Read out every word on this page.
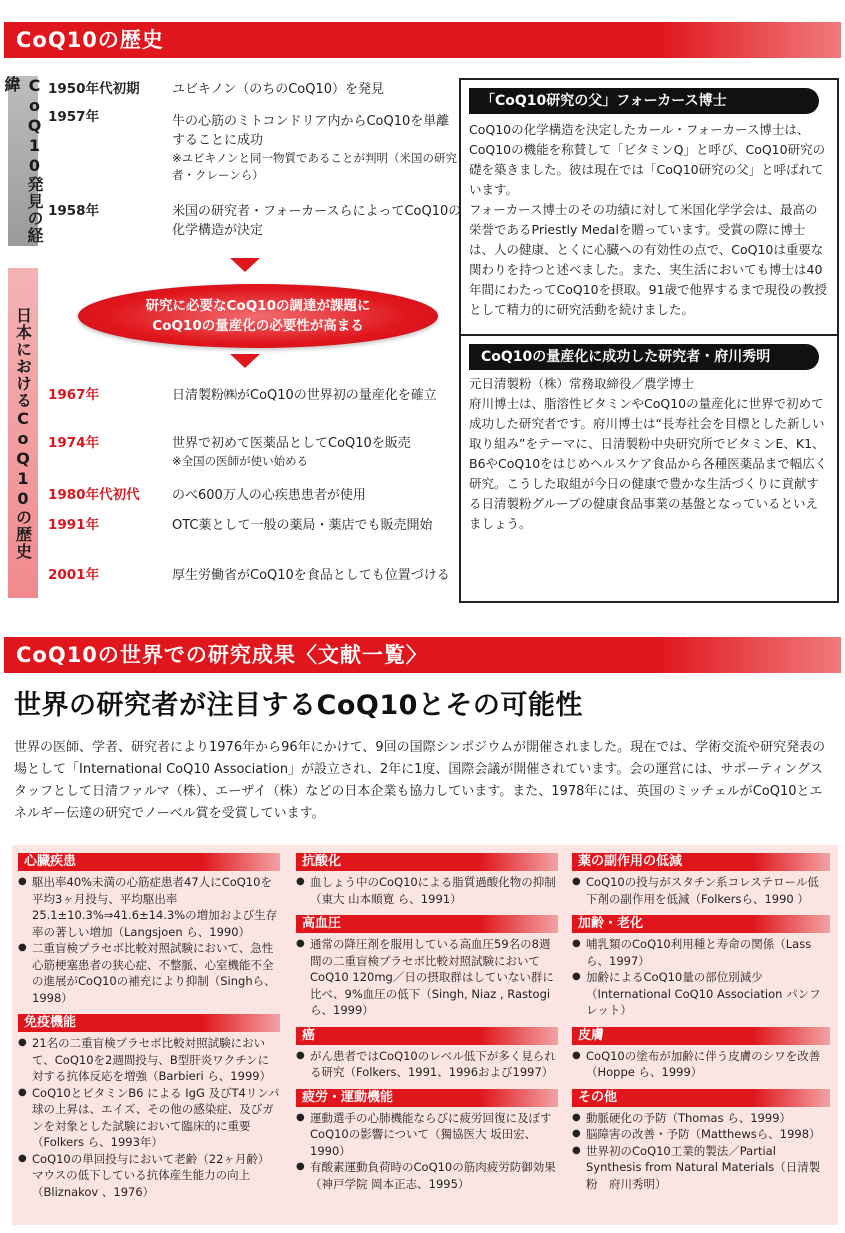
CoQ10の歴史
CoQ10発見の経緯
日本におけるCoQ10の歴史
1950年代初期 ユビキノン（のちのCoQ10）を発見
1957年	牛の心筋のミトコンドリア内からCoQ10を単離することに成功
※ユビキノンと同一物質であることが判明（米国の研究者・クレーンら）
1958年	米国の研究者・フォーカースらによってCoQ10の化学構造が決定
研究に必要なCoQ10の調達が課題に
CoQ10の量産化の必要性が高まる
1967年	日清製粉㈱がCoQ10の世界初の量産化を確立
1974年	世界で初めて医薬品としてCoQ10を販売
※全国の医師が使い始める
1980年代初代 のべ600万人の心疾患患者が使用
1991年	OTC薬として一般の薬局・薬店でも販売開始
2001年	厚生労働省がCoQ10を食品としても位置づける
「CoQ10研究の父」フォーカース博士

CoQ10の化学構造を決定したカール・フォーカース博士は、CoQ10の機能を称賛して「ビタミンQ」と呼び、CoQ10研究の礎を築きました。彼は現在では「CoQ10研究の父」と呼ばれています。

フォーカース博士のその功績に対して米国化学学会は、最高の栄誉であるPriestly Medalを贈っています。受賞の際に博士は、人の健康、とくに心臓への有効性の点で、CoQ10は重要な関わりを持つと述べました。また、実生活においても博士は40年間にわたってCoQ10を摂取。91歳で他界するまで現役の教授として精力的に研究活動を続けました。

CoQ10の量産化に成功した研究者・府川秀明

元日清製粉（株）常務取締役／農学博士

府川博士は、脂溶性ビタミンやCoQ10の量産化に世界で初めて成功した研究者です。府川博士は“長寿社会を目標とした新しい取り組み”をテーマに、日清製粉中央研究所でビタミンE、K1、B6やCoQ10をはじめヘルスケア食品から各種医薬品まで幅広く研究。こうした取組が今日の健康で豊かな生活づくりに貢献する日清製粉グループの健康食品事業の基盤となっているといえましょう。

CoQ10の世界での研究成果〈文献一覧〉
世界の研究者が注目するCoQ10とその可能性

世界の医師、学者、研究者により1976年から96年にかけて、9回の国際シンポジウムが開催されました。現在では、学術交流や研究発表の場として「International CoQ10 Association」が設立され、2年に1度、国際会議が開催されています。会の運営には、サポーティングスタッフとして日清ファルマ（株）、エーザイ（株）などの日本企業も協力しています。また、1978年には、英国のミッチェルがCoQ10とエネルギー伝達の研究でノーベル賞を受賞しています。

心臓疾患
● 駆出率40%未満の心筋症患者47人にCoQ10を平均3ヶ月投与、平均駆出率25.1±10.3%⇒41.6±14.3%の増加および生存率の著しい増加（Langsjoen ら、1990）
● 二重盲検プラセボ比較対照試験において、急性心筋梗塞患者の狭心症、不整脈、心室機能不全の進展がCoQ10の補充により抑制（Singhら、1998）
免疫機能
● 21名の二重盲検プラセボ比較対照試験において、CoQ10を2週間投与、B型肝炎ワクチンに対する抗体反応を増強（Barbieri ら、1999）
● CoQ10とビタミンB6 による IgG 及びT4リンパ球の上昇は、エイズ、その他の感染症、及びガンを対象とした試験において臨床的に重要（Folkers ら、1993年）
● CoQ10の単回投与において老齢（22ヶ月齢）マウスの低下している抗体産生能力の向上（Bliznakov 、1976）
抗酸化
● 血しょう中のCoQ10による脂質過酸化物の抑制（東大 山本順寛 ら、1991）
高血圧
● 通常の降圧剤を服用している高血圧59名の8週間の二重盲検プラセボ比較対照試験においてCoQ10 120mg／日の摂取群はしていない群に比べ、9%血圧の低下（Singh, Niaz , Rastogi ら、1999）
癌
● がん患者ではCoQ10のレベル低下が多く見られる研究（Folkers、1991、1996および1997）
疲労・運動機能
● 運動選手の心肺機能ならびに疲労回復に及ぼすCoQ10の影響について（獨協医大 坂田宏、1990）
● 有酸素運動負荷時のCoQ10の筋肉疲労防御効果（神戸学院 岡本正志、1995）
薬の副作用の低減
● CoQ10の投与がスタチン系コレステロール低下剤の副作用を低減（Folkersら、1990 ）
加齢・老化
● 哺乳類のCoQ10利用種と寿命の関係（Lassら、1997）
● 加齢によるCoQ10量の部位別減少（International CoQ10 Association パンフレット）
皮膚
● CoQ10の塗布が加齢に伴う皮膚のシワを改善（Hoppe ら、1999）
その他
● 動脈硬化の予防（Thomas ら、1999）
● 脳障害の改善・予防（Matthewsら、1998）
● 世界初のCoQ10工業的製法／Partial Synthesis from Natural Materials（日清製粉　府川秀明）
